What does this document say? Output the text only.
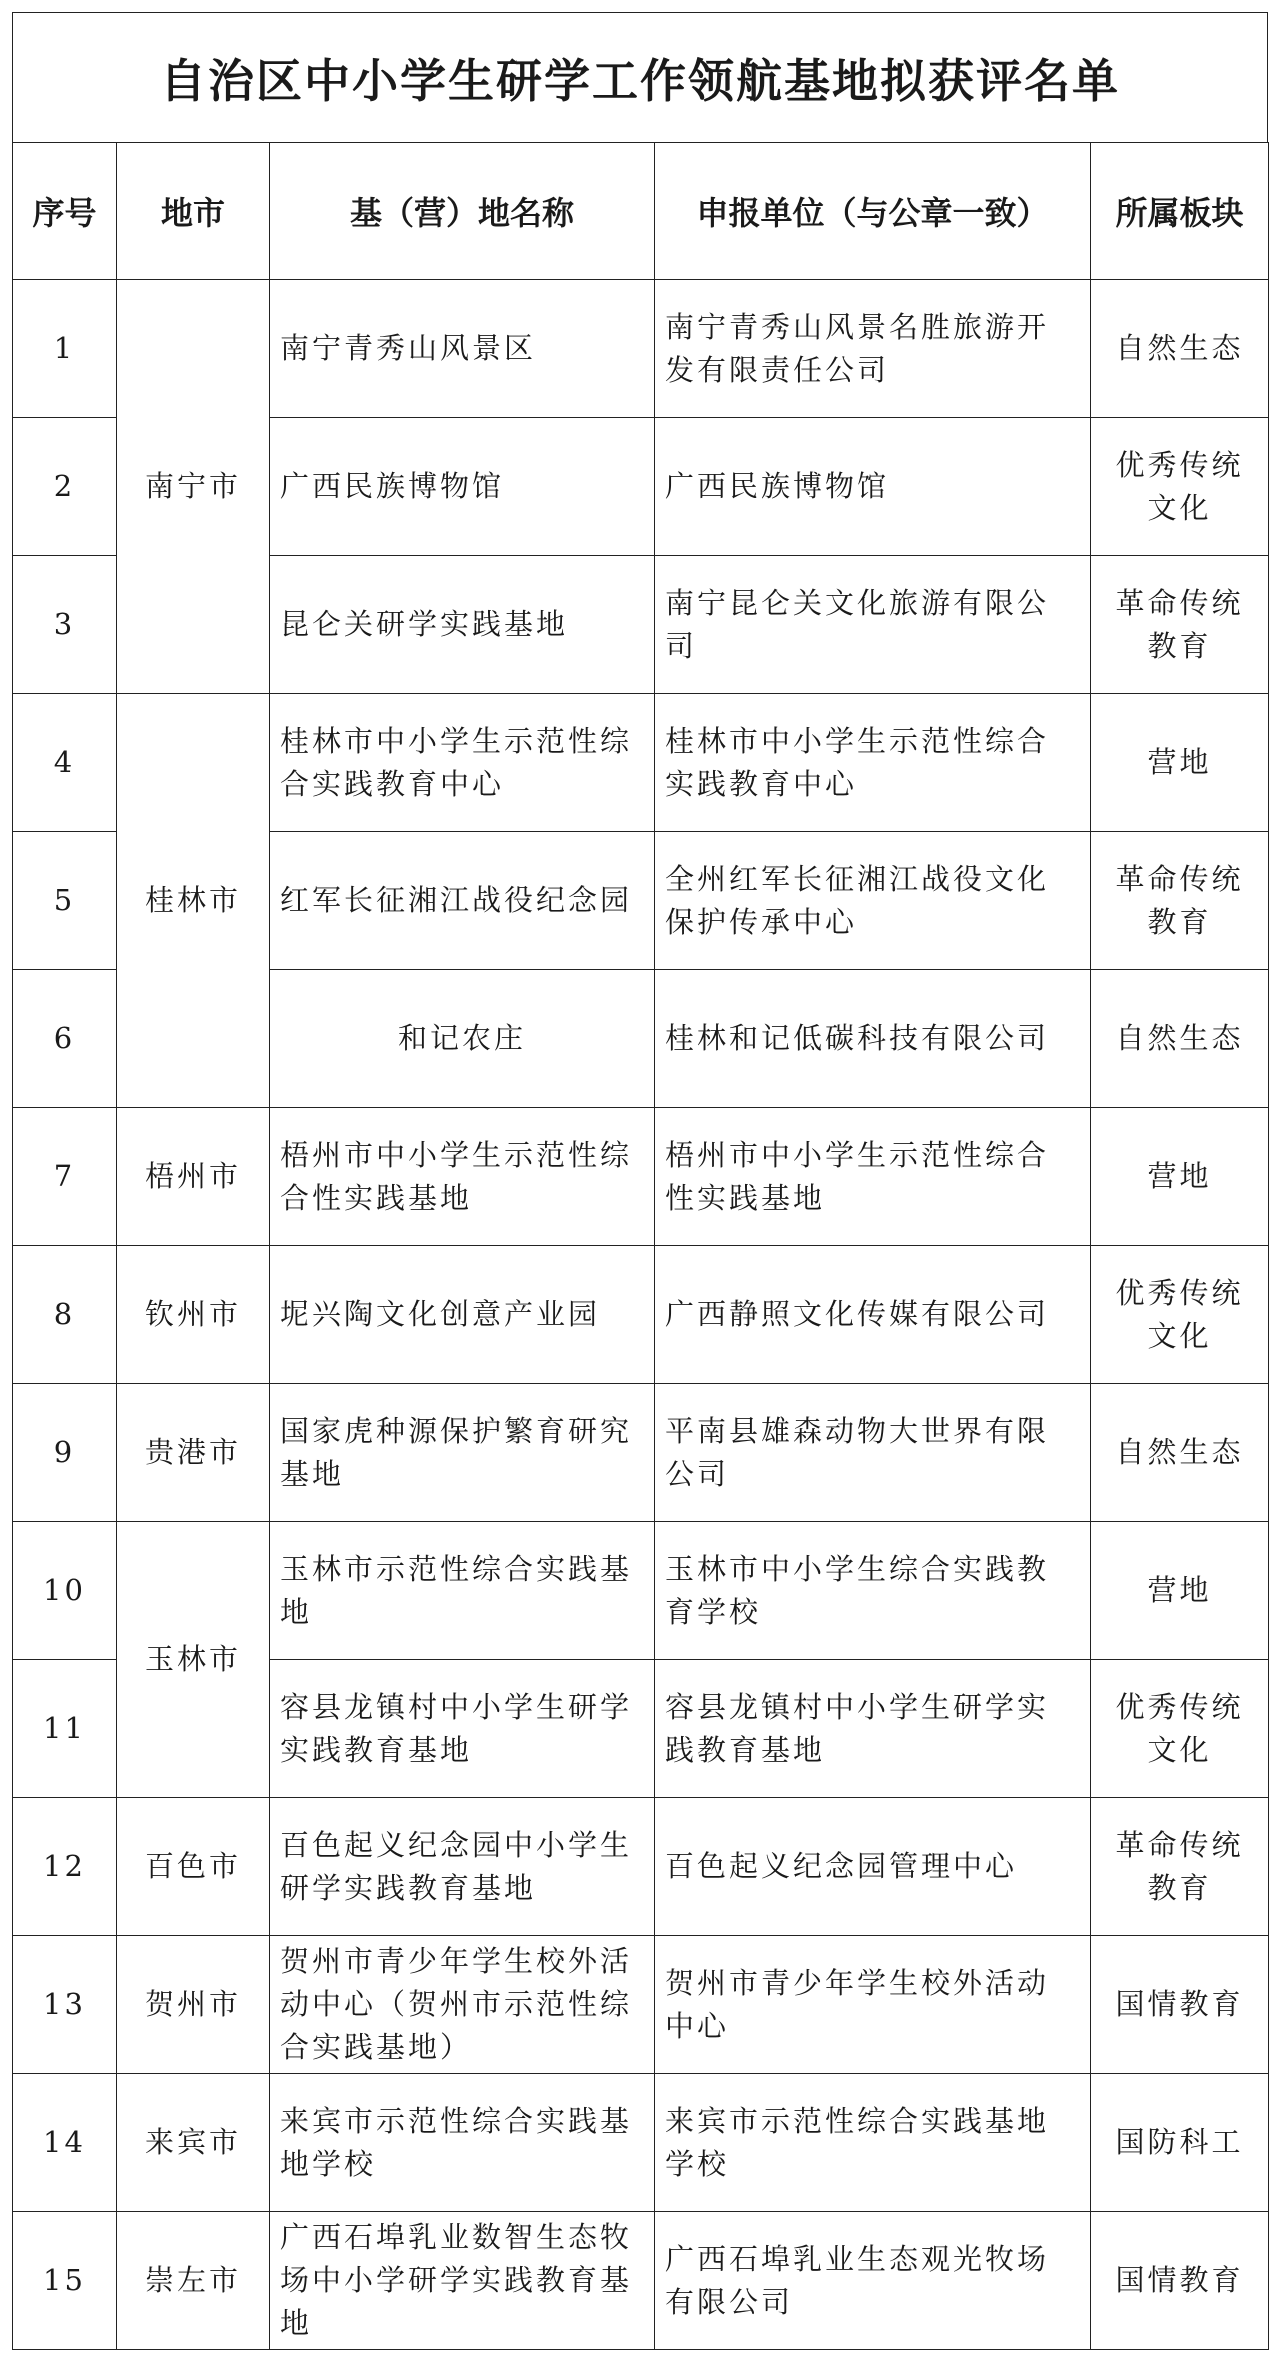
自治区中小学生研学工作领航基地拟获评名单
序号	地市	基（营）地名称	申报单位（与公章一致）	所属板块
1	南宁市	南宁青秀山风景区	南宁青秀山风景名胜旅游开发有限责任公司	自然生态
2		广西民族博物馆	广西民族博物馆	优秀传统文化
3		昆仑关研学实践基地	南宁昆仑关文化旅游有限公司	革命传统教育
4	桂林市	桂林市中小学生示范性综合实践教育中心	桂林市中小学生示范性综合实践教育中心	营地
5		红军长征湘江战役纪念园	全州红军长征湘江战役文化保护传承中心	革命传统教育
6		和记农庄	桂林和记低碳科技有限公司	自然生态
7	梧州市	梧州市中小学生示范性综合性实践基地	梧州市中小学生示范性综合性实践基地	营地
8	钦州市	坭兴陶文化创意产业园	广西静照文化传媒有限公司	优秀传统文化
9	贵港市	国家虎种源保护繁育研究基地	平南县雄森动物大世界有限公司	自然生态
10	玉林市	玉林市示范性综合实践基地	玉林市中小学生综合实践教育学校	营地
11		容县龙镇村中小学生研学实践教育基地	容县龙镇村中小学生研学实践教育基地	优秀传统文化
12	百色市	百色起义纪念园中小学生研学实践教育基地	百色起义纪念园管理中心	革命传统教育
13	贺州市	贺州市青少年学生校外活动中心（贺州市示范性综合实践基地）	贺州市青少年学生校外活动中心	国情教育
14	来宾市	来宾市示范性综合实践基地学校	来宾市示范性综合实践基地学校	国防科工
15	崇左市	广西石埠乳业数智生态牧场中小学研学实践教育基地	广西石埠乳业生态观光牧场有限公司	国情教育
